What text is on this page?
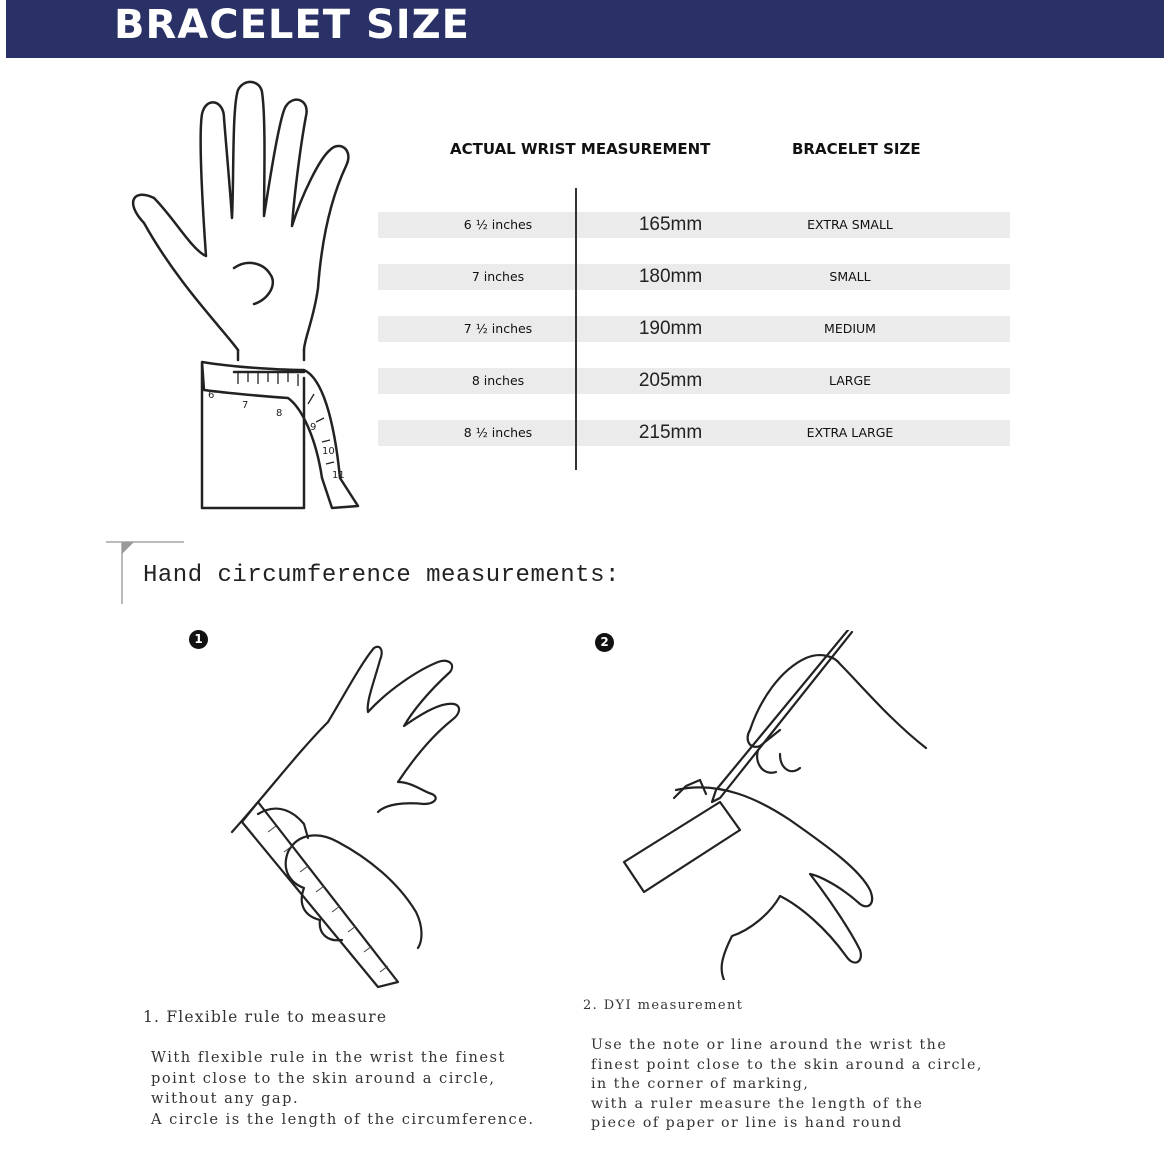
BRACELET SIZE
6
7
8
9
10
11
ACTUAL WRIST MEASUREMENT	BRACELET SIZE
6 ½ inches	165mm	EXTRA SMALL
7 inches	180mm	SMALL
7 ½ inches	190mm	MEDIUM
8 inches	205mm	LARGE
8 ½ inches	215mm	EXTRA LARGE
Hand circumference measurements:
1
1. Flexible rule to measure
With flexible rule in the wrist the finest
point close to the skin around a circle,
without any gap.
A circle is the length of the circumference.
2
2. DYI measurement
Use the note or line around the wrist the
finest point close to the skin around a circle,
in the corner of marking,
with a ruler measure the length of the
piece of paper or line is hand round
